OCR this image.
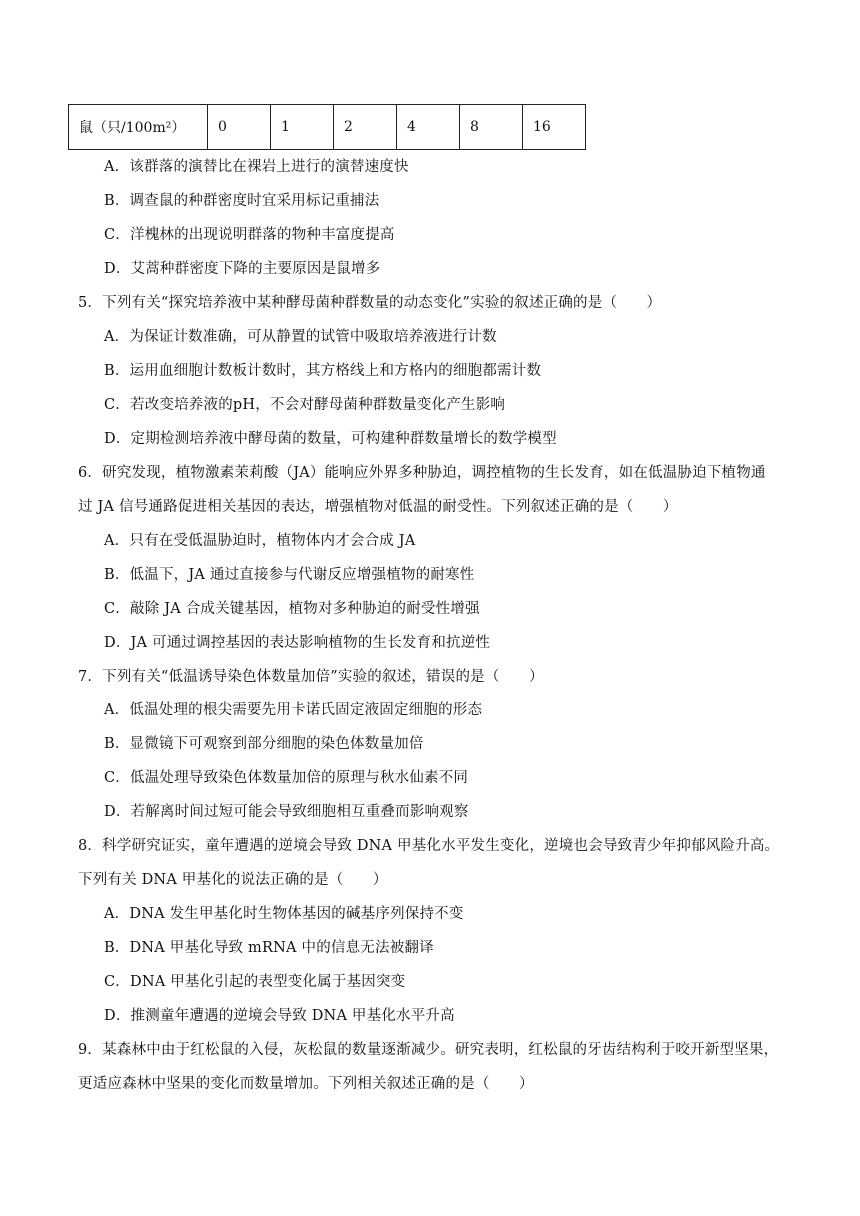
鼠（只/100m²）	0	1	2	4	8	16
A．该群落的演替比在裸岩上进行的演替速度快
B．调查鼠的种群密度时宜采用标记重捕法
C．洋槐林的出现说明群落的物种丰富度提高
D．艾蒿种群密度下降的主要原因是鼠增多
5．下列有关“探究培养液中某种酵母菌种群数量的动态变化”实验的叙述正确的是（　　）
A．为保证计数准确，可从静置的试管中吸取培养液进行计数
B．运用血细胞计数板计数时，其方格线上和方格内的细胞都需计数
C．若改变培养液的pH，不会对酵母菌种群数量变化产生影响
D．定期检测培养液中酵母菌的数量，可构建种群数量增长的数学模型
6．研究发现，植物激素茉莉酸（JA）能响应外界多种胁迫，调控植物的生长发育，如在低温胁迫下植物通
过 JA 信号通路促进相关基因的表达，增强植物对低温的耐受性。下列叙述正确的是（　　）
A．只有在受低温胁迫时，植物体内才会合成 JA
B．低温下，JA 通过直接参与代谢反应增强植物的耐寒性
C．敲除 JA 合成关键基因，植物对多种胁迫的耐受性增强
D．JA 可通过调控基因的表达影响植物的生长发育和抗逆性
7．下列有关“低温诱导染色体数量加倍”实验的叙述，错误的是（　　）
A．低温处理的根尖需要先用卡诺氏固定液固定细胞的形态
B．显微镜下可观察到部分细胞的染色体数量加倍
C．低温处理导致染色体数量加倍的原理与秋水仙素不同
D．若解离时间过短可能会导致细胞相互重叠而影响观察
8．科学研究证实，童年遭遇的逆境会导致 DNA 甲基化水平发生变化，逆境也会导致青少年抑郁风险升高。
下列有关 DNA 甲基化的说法正确的是（　　）
A．DNA 发生甲基化时生物体基因的碱基序列保持不变
B．DNA 甲基化导致 mRNA 中的信息无法被翻译
C．DNA 甲基化引起的表型变化属于基因突变
D．推测童年遭遇的逆境会导致 DNA 甲基化水平升高
9．某森林中由于红松鼠的入侵，灰松鼠的数量逐渐减少。研究表明，红松鼠的牙齿结构利于咬开新型坚果，
更适应森林中坚果的变化而数量增加。下列相关叙述正确的是（　　）
